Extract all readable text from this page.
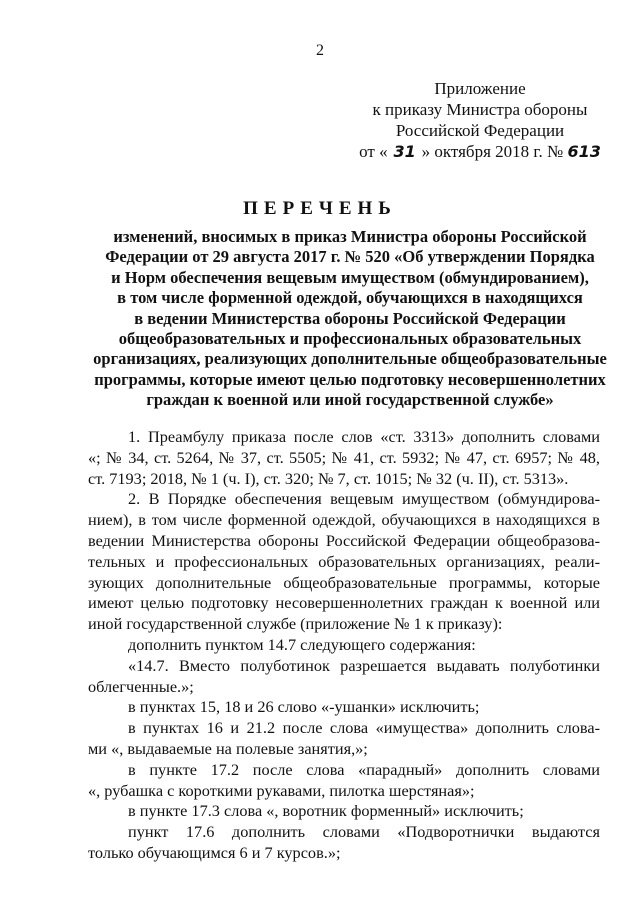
2
Приложение
к приказу Министра обороны
Российской Федерации
от « 31 » октября 2018 г. № 613
ПЕРЕЧЕНЬ
изменений, вносимых в приказ Министра обороны Российской
Федерации от 29 августа 2017 г. № 520 «Об утверждении Порядка
и Норм обеспечения вещевым имуществом (обмундированием),
в том числе форменной одеждой, обучающихся в находящихся
в ведении Министерства обороны Российской Федерации
общеобразовательных и профессиональных образовательных
организациях, реализующих дополнительные общеобразовательные
программы, которые имеют целью подготовку несовершеннолетних
граждан к военной или иной государственной службе»
1. Преамбулу приказа после слов «ст. 3313» дополнить словами
«; № 34, ст. 5264, № 37, ст. 5505; № 41, ст. 5932; № 47, ст. 6957; № 48,
ст. 7193; 2018, № 1 (ч. I), ст. 320; № 7, ст. 1015; № 32 (ч. II), ст. 5313».
2. В Порядке обеспечения вещевым имуществом (обмундирова-
нием), в том числе форменной одеждой, обучающихся в находящихся в
ведении Министерства обороны Российской Федерации общеобразова-
тельных и профессиональных образовательных организациях, реали-
зующих дополнительные общеобразовательные программы, которые
имеют целью подготовку несовершеннолетних граждан к военной или
иной государственной службе (приложение № 1 к приказу):
дополнить пунктом 14.7 следующего содержания:
«14.7. Вместо полуботинок разрешается выдавать полуботинки
облегченные.»;
в пунктах 15, 18 и 26 слово «-ушанки» исключить;
в пунктах 16 и 21.2 после слова «имущества» дополнить слова-
ми «, выдаваемые на полевые занятия,»;
в пункте 17.2 после слова «парадный» дополнить словами
«, рубашка с короткими рукавами, пилотка шерстяная»;
в пункте 17.3 слова «, воротник форменный» исключить;
пункт 17.6 дополнить словами «Подворотнички выдаются
только обучающимся 6 и 7 курсов.»;
